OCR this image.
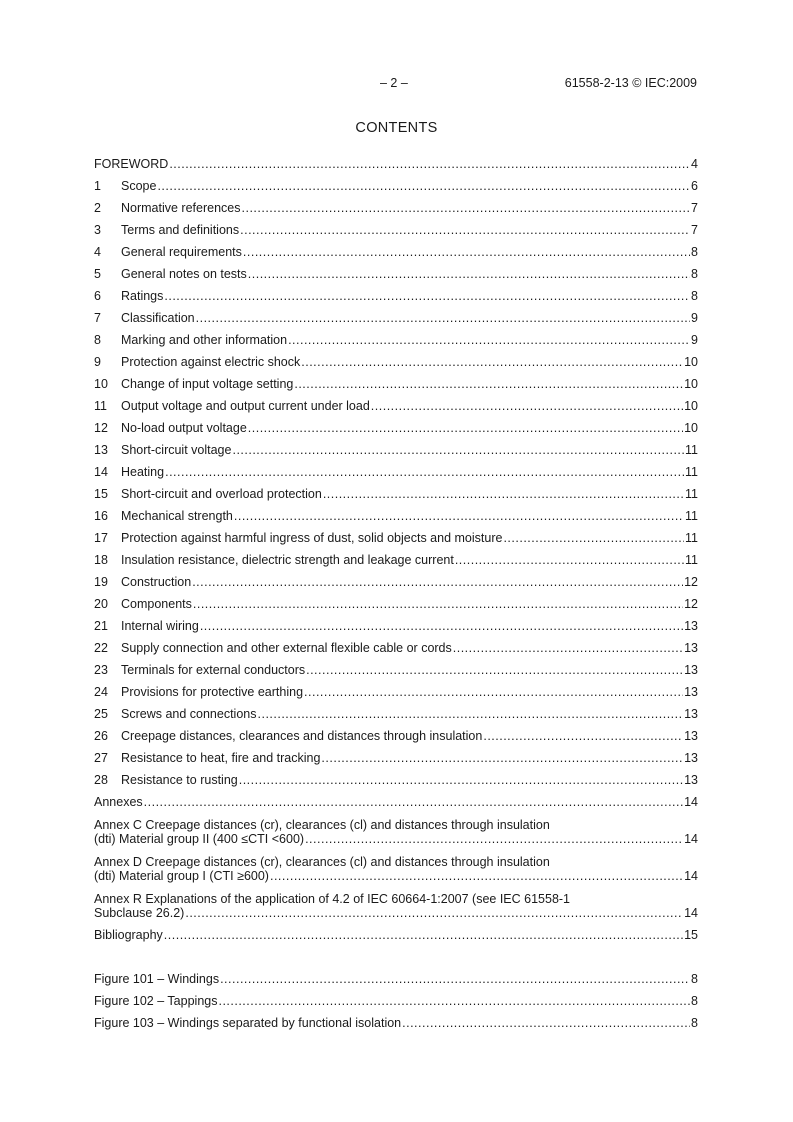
– 2 –	61558-2-13 © IEC:2009
CONTENTS
FOREWORD .....	4
1	Scope .....	6
2	Normative references .....	7
3	Terms and definitions .....	7
4	General requirements .....	8
5	General notes on tests .....	8
6	Ratings .....	8
7	Classification .....	9
8	Marking and other information .....	9
9	Protection against electric shock .....	10
10	Change of input voltage setting .....	10
11	Output voltage and output current under load .....	10
12	No-load output voltage .....	10
13	Short-circuit voltage .....	11
14	Heating .....	11
15	Short-circuit and overload protection .....	11
16	Mechanical strength .....	11
17	Protection against harmful ingress of dust, solid objects and moisture .....	11
18	Insulation resistance, dielectric strength and leakage current .....	11
19	Construction .....	12
20	Components .....	12
21	Internal wiring .....	13
22	Supply connection and other external flexible cable or cords .....	13
23	Terminals for external conductors .....	13
24	Provisions for protective earthing .....	13
25	Screws and connections .....	13
26	Creepage distances, clearances and distances through insulation .....	13
27	Resistance to heat, fire and tracking .....	13
28	Resistance to rusting .....	13
Annexes .....	14
Annex C Creepage distances (cr), clearances (cl) and distances through insulation
(dti) Material group II (400 ≤CTI <600) .....	14
Annex D Creepage distances (cr), clearances (cl) and distances through insulation
(dti) Material group I (CTI ≥600) .....	14
Annex R Explanations of the application of 4.2 of IEC 60664-1:2007 (see IEC 61558-1
Subclause 26.2) .....	14
Bibliography .....	15
Figure 101 – Windings .....	8
Figure 102 – Tappings .....	8
Figure 103 – Windings separated by functional isolation .....	8
